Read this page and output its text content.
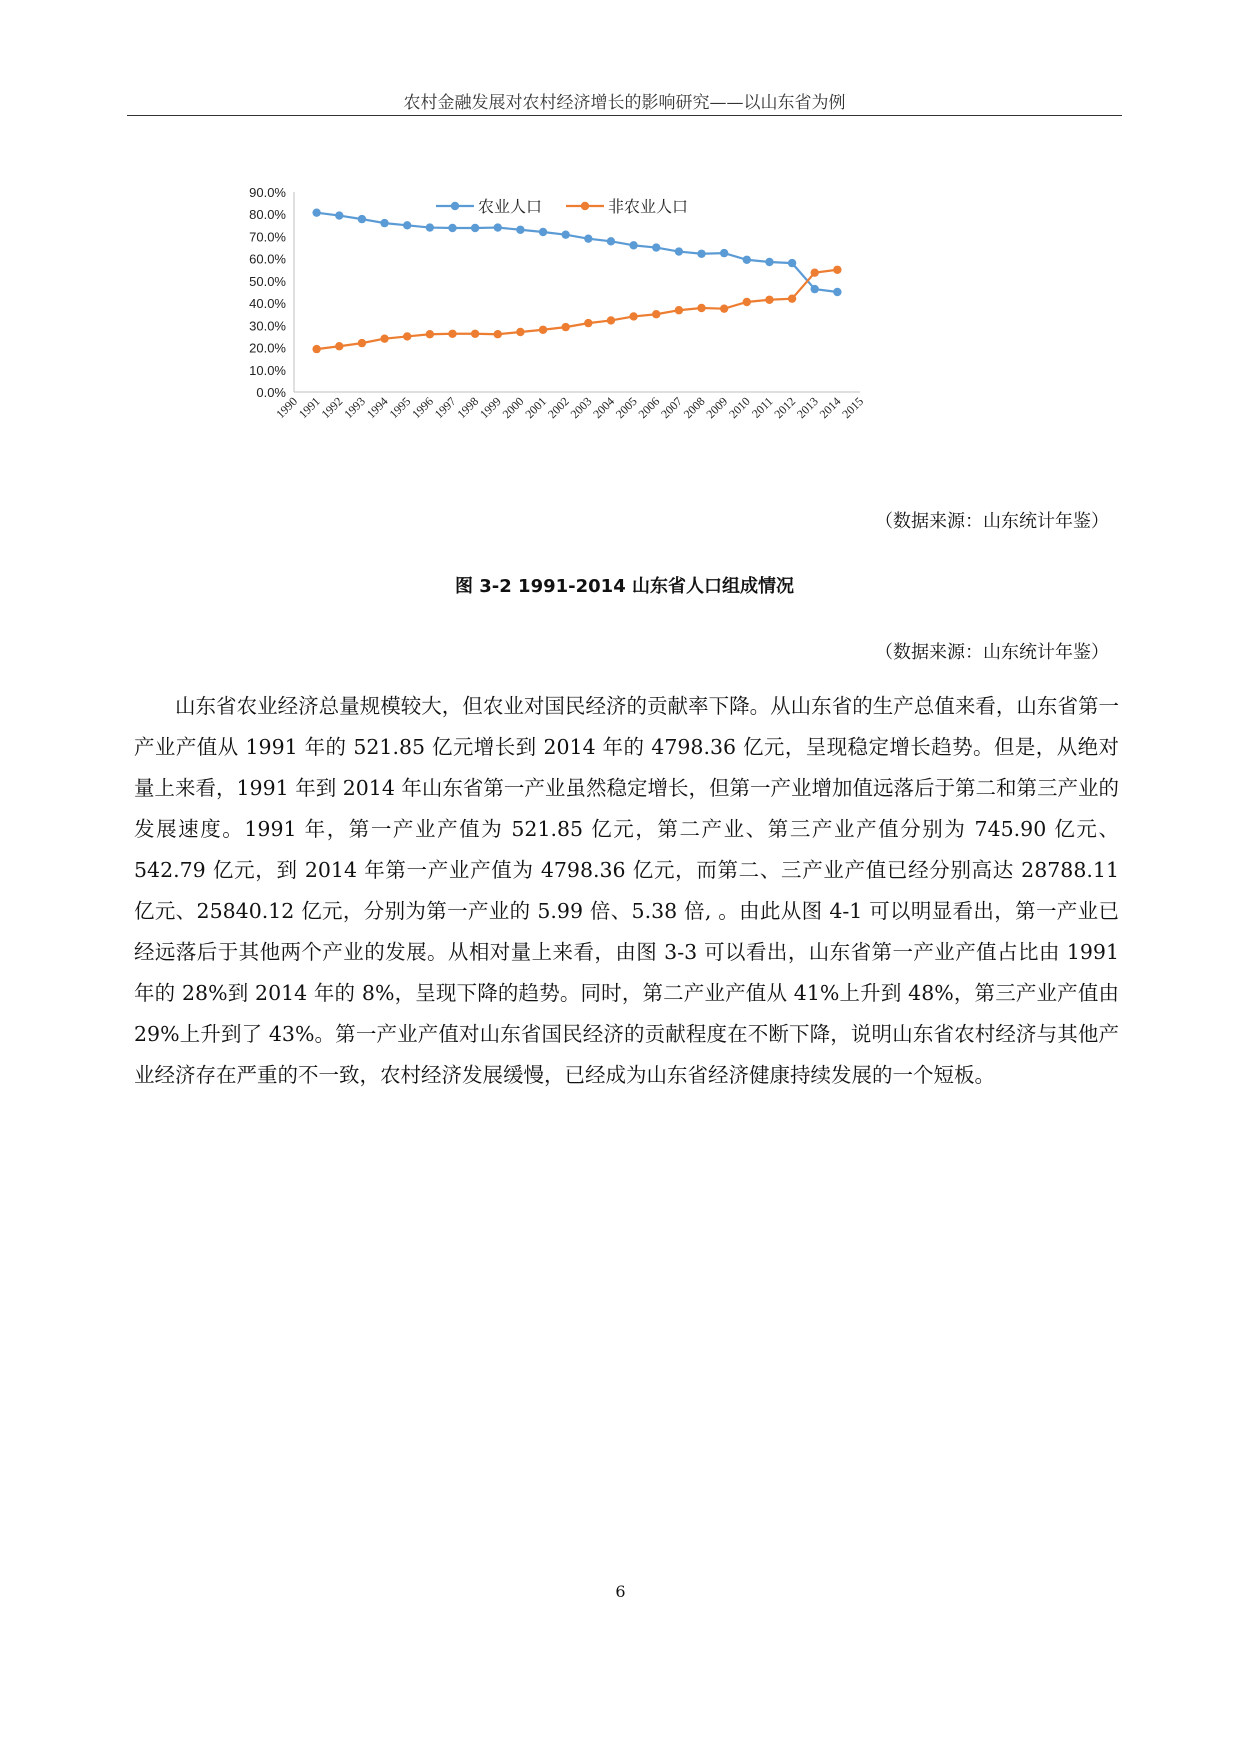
农村金融发展对农村经济增长的影响研究——以山东省为例
90.0%
80.0%
70.0%
60.0%
50.0%
40.0%
30.0%
20.0%
10.0%
0.0%
1990
1991
1992
1993
1994
1995
1996
1997
1998
1999
2000
2001
2002
2003
2004
2005
2006
2007
2008
2009
2010
2011
2012
2013
2014
2015
农业人口	非农业人口
（数据来源：山东统计年鉴）
图 3-2 1991-2014 山东省人口组成情况
（数据来源：山东统计年鉴）

山东省农业经济总量规模较大，但农业对国民经济的贡献率下降。从山东省的生产总值来看，山东省第一产业产值从 1991 年的 521.85 亿元增长到 2014 年的 4798.36 亿元，呈现稳定增长趋势。但是，从绝对量上来看，1991 年到 2014 年山东省第一产业虽然稳定增长，但第一产业增加值远落后于第二和第三产业的发展速度。1991 年，第一产业产值为 521.85 亿元，第二产业、第三产业产值分别为 745.90 亿元、542.79 亿元，到 2014 年第一产业产值为 4798.36 亿元，而第二、三产业产值已经分别高达 28788.11 亿元、25840.12 亿元，分别为第一产业的 5.99 倍、5.38 倍, 。由此从图 4-1 可以明显看出，第一产业已经远落后于其他两个产业的发展。从相对量上来看，由图 3-3 可以看出，山东省第一产业产值占比由 1991 年的 28%到 2014 年的 8%，呈现下降的趋势。同时，第二产业产值从 41%上升到 48%，第三产业产值由 29%上升到了 43%。第一产业产值对山东省国民经济的贡献程度在不断下降，说明山东省农村经济与其他产业经济存在严重的不一致，农村经济发展缓慢，已经成为山东省经济健康持续发展的一个短板。

6
